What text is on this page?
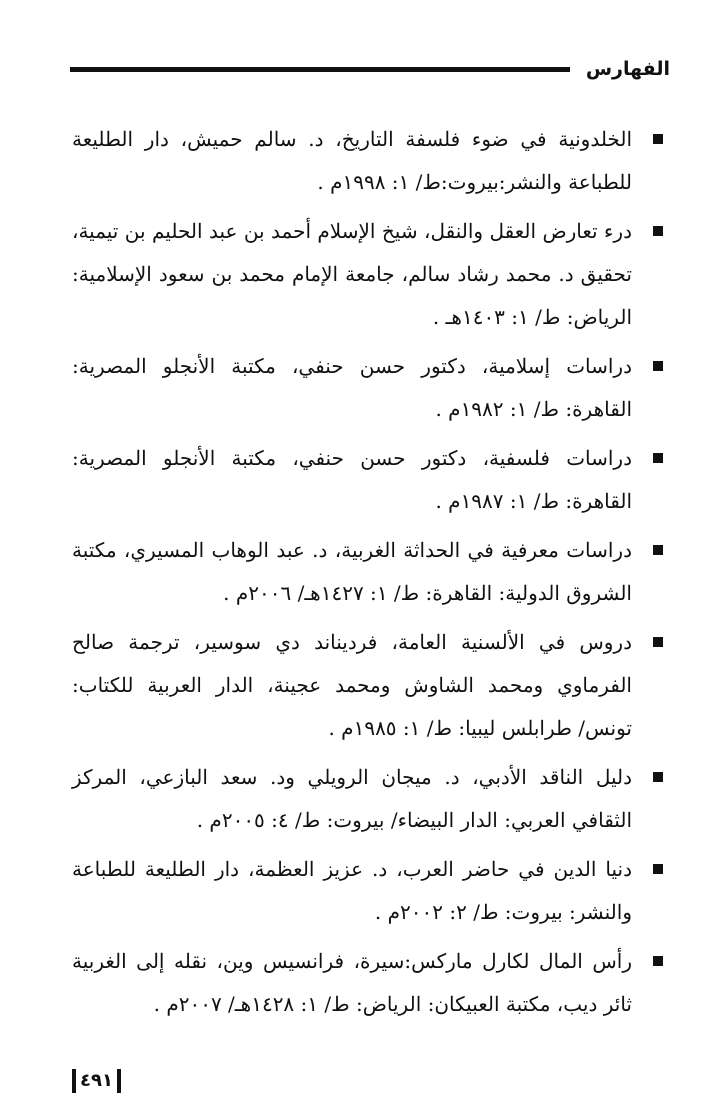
الفهارس

الخلدونية في ضوء فلسفة التاريخ، د. سالم حميش، دار الطليعة للطباعة والنشر:بيروت:ط/ ١: ١٩٩٨م .

درء تعارض العقل والنقل، شيخ الإسلام أحمد بن عبد الحليم بن تيمية، تحقيق د. محمد رشاد سالم، جامعة الإمام محمد بن سعود الإسلامية: الرياض: ط/ ١: ١٤٠٣هـ .

دراسات إسلامية، دكتور حسن حنفي، مكتبة الأنجلو المصرية: القاهرة: ط/ ١: ١٩٨٢م .

دراسات فلسفية، دكتور حسن حنفي، مكتبة الأنجلو المصرية: القاهرة: ط/ ١: ١٩٨٧م .

دراسات معرفية في الحداثة الغربية، د. عبد الوهاب المسيري، مكتبة الشروق الدولية: القاهرة: ط/ ١: ١٤٢٧هـ/ ٢٠٠٦م .

دروس في الألسنية العامة، فرديناند دي سوسير، ترجمة صالح الفرماوي ومحمد الشاوش ومحمد عجينة، الدار العربية للكتاب: تونس/ طرابلس ليبيا: ط/ ١: ١٩٨٥م .

دليل الناقد الأدبي، د. ميجان الرويلي ود. سعد البازعي، المركز الثقافي العربي: الدار البيضاء/ بيروت: ط/ ٤: ٢٠٠٥م .

دنيا الدين في حاضر العرب، د. عزيز العظمة، دار الطليعة للطباعة والنشر: بيروت: ط/ ٢: ٢٠٠٢م .

رأس المال لكارل ماركس:سيرة، فرانسيس وين، نقله إلى الغربية ثائر ديب، مكتبة العبيكان: الرياض: ط/ ١: ١٤٢٨هـ/ ٢٠٠٧م .

٤٩١
